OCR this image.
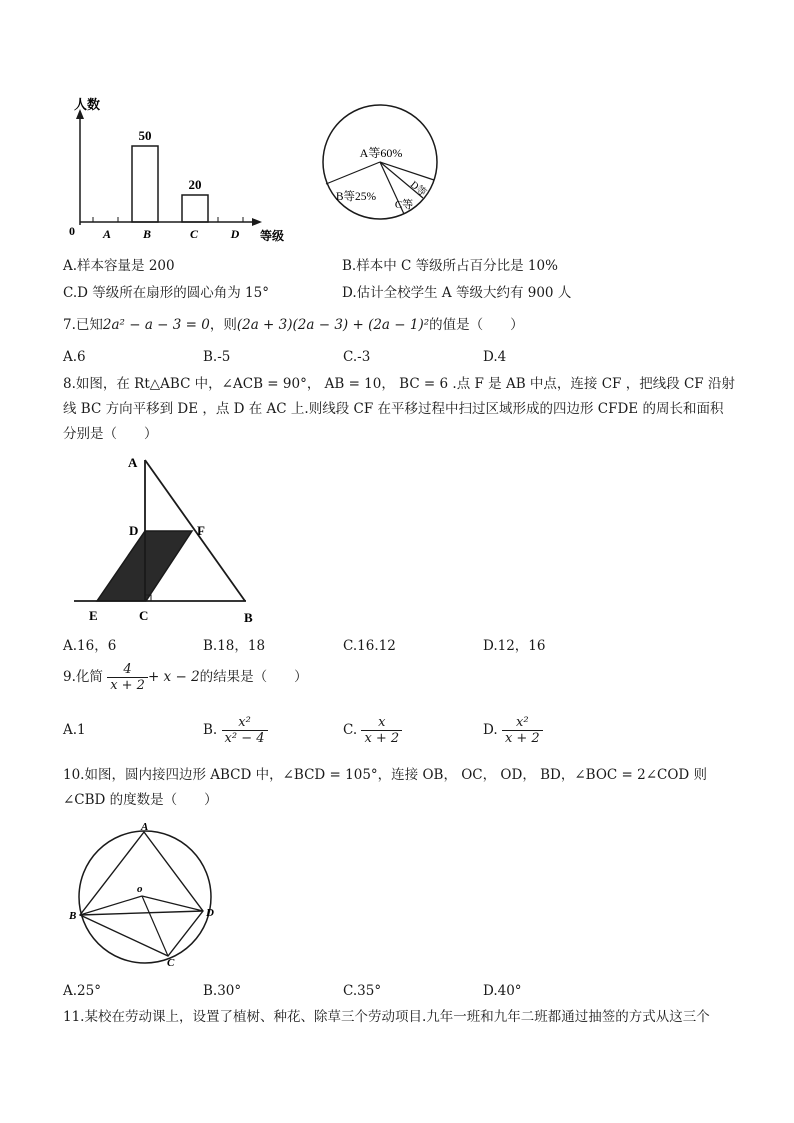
50
20
人数
0 A	B	C	D 等级
A等60%
B等25%
C等
D等
A.样本容量是 200	B.样本中 C 等级所占百分比是 10%
C.D 等级所在扇形的圆心角为 15°	D.估计全校学生 A 等级大约有 900 人
7.已知2a² − a − 3 = 0，则(2a + 3)(2a − 3) + (2a − 1)²的值是（　　）
A.6	B.-5	C.-3	D.4
8.如图，在 Rt△ABC 中，∠ACB = 90°， AB = 10， BC = 6 .点 F 是 AB 中点，连接 CF ，把线段 CF 沿射
线 BC 方向平移到 DE ，点 D 在 AC 上.则线段 CF 在平移过程中扫过区域形成的四边形 CFDE 的周长和面积
分别是（　　）
A
D	F
E	C	B
A.16，6	B.18，18	C.16.12	D.12，16
9.化简 $\frac{4}{x + 2} + x - 2$的结果是（　　）
A.1	B. $\frac{\text{x²}}{\text{x² − 4}}$	C. $\frac{x}{x + 2}$	D. $\frac{\text{x²}}{x + 2}$
10.如图，圆内接四边形 ABCD 中，∠BCD = 105°，连接 OB， OC， OD， BD，∠BOC = 2∠COD 则
∠CBD 的度数是（　　）
A
o
B	D
C
A.25°	B.30°	C.35°	D.40°
11.某校在劳动课上，设置了植树、种花、除草三个劳动项目.九年一班和九年二班都通过抽签的方式从这三个
